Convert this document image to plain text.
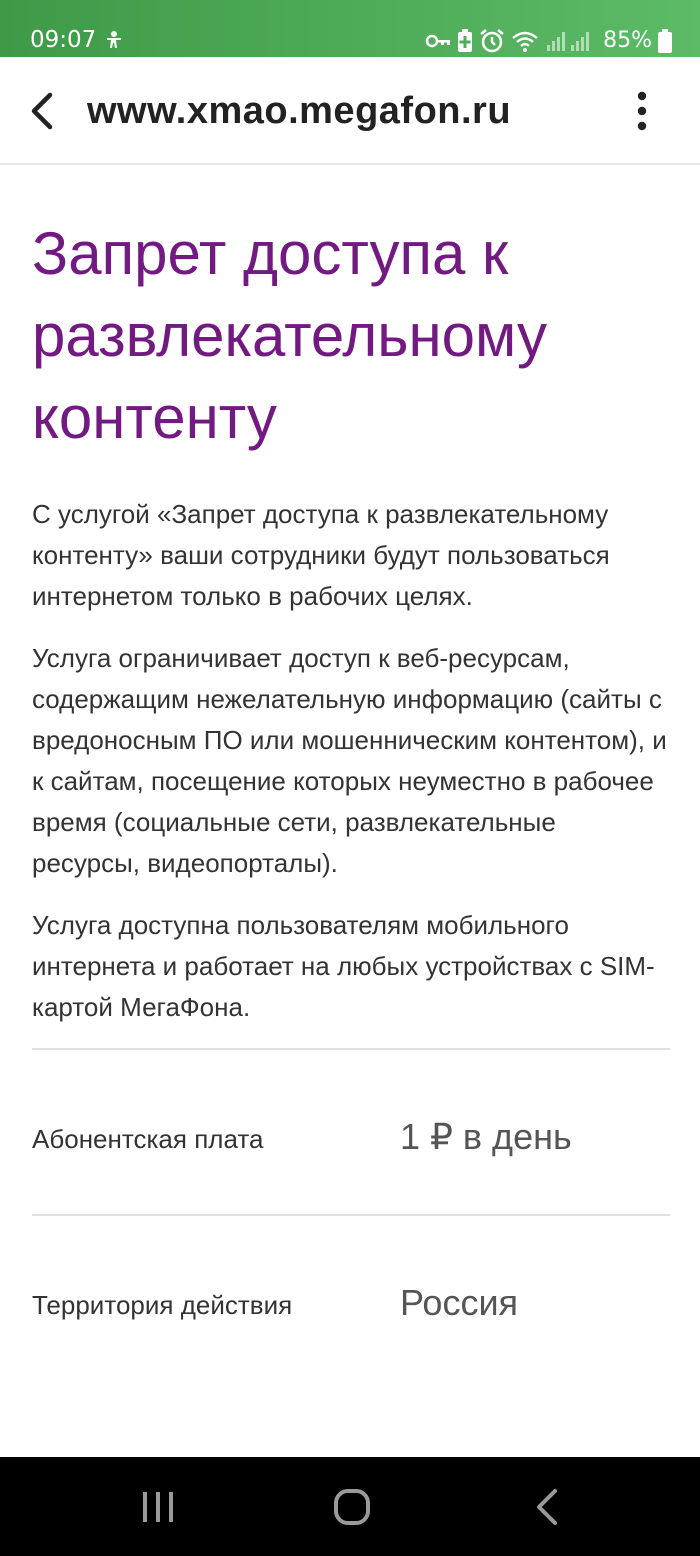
09:07	85%
www.xmao.megafon.ru
Запрет доступа к развлекательному контенту

С услугой «Запрет доступа к развлекательному контенту» ваши сотрудники будут пользоваться интернетом только в рабочих целях.

Услуга ограничивает доступ к веб-ресурсам, содержащим нежелательную информацию (сайты с вредоносным ПО или мошенническим контентом), и к сайтам, посещение которых неуместно в рабочее время (социальные сети, развлекательные ресурсы, видеопорталы).

Услуга доступна пользователям мобильного интернета и работает на любых устройствах с SIM-картой МегаФона.

Абонентская плата	1 ₽ в день
Территория действия	Россия
